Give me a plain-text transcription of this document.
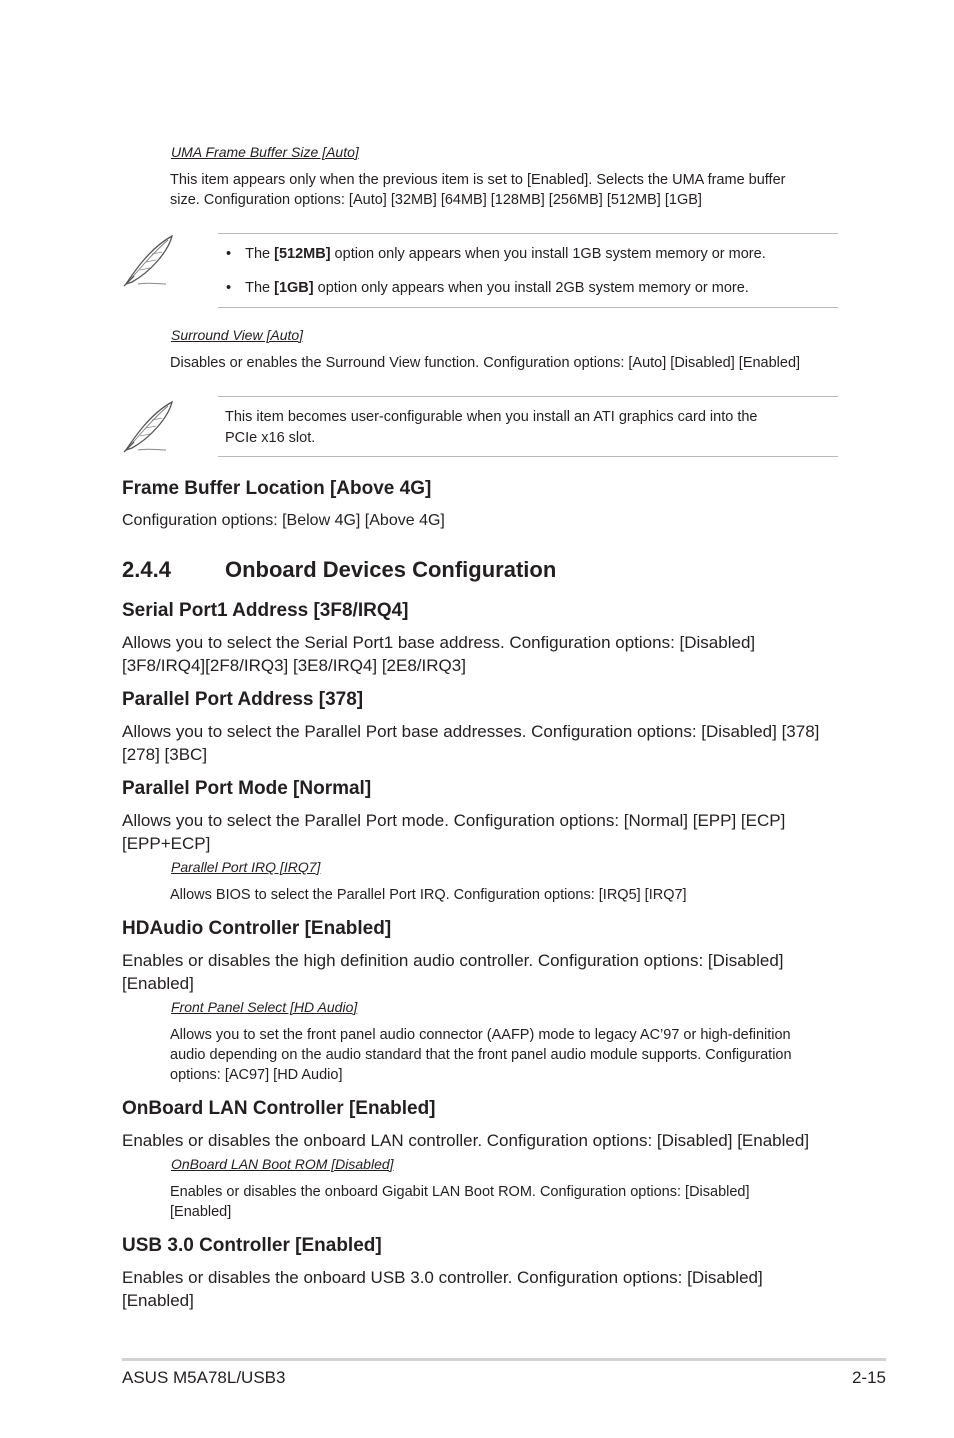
UMA Frame Buffer Size [Auto]
This item appears only when the previous item is set to [Enabled]. Selects the UMA frame buffer
size. Configuration options: [Auto] [32MB] [64MB] [128MB] [256MB] [512MB] [1GB]
• The [512MB] option only appears when you install 1GB system memory or more.
• The [1GB] option only appears when you install 2GB system memory or more.
Surround View [Auto]
Disables or enables the Surround View function. Configuration options: [Auto] [Disabled] [Enabled]
This item becomes user-configurable when you install an ATI graphics card into the
PCIe x16 slot.
Frame Buffer Location [Above 4G]
Configuration options: [Below 4G] [Above 4G]
2.4.4 Onboard Devices Configuration
Serial Port1 Address [3F8/IRQ4]
Allows you to select the Serial Port1 base address. Configuration options: [Disabled]
[3F8/IRQ4][2F8/IRQ3] [3E8/IRQ4] [2E8/IRQ3]
Parallel Port Address [378]
Allows you to select the Parallel Port base addresses. Configuration options: [Disabled] [378]
[278] [3BC]
Parallel Port Mode [Normal]
Allows you to select the Parallel Port mode. Configuration options: [Normal] [EPP] [ECP]
[EPP+ECP]
Parallel Port IRQ [IRQ7]
Allows BIOS to select the Parallel Port IRQ. Configuration options: [IRQ5] [IRQ7]
HDAudio Controller [Enabled]
Enables or disables the high definition audio controller. Configuration options: [Disabled]
[Enabled]
Front Panel Select [HD Audio]
Allows you to set the front panel audio connector (AAFP) mode to legacy AC’97 or high-definition
audio depending on the audio standard that the front panel audio module supports. Configuration
options: [AC97] [HD Audio]
OnBoard LAN Controller [Enabled]
Enables or disables the onboard LAN controller. Configuration options: [Disabled] [Enabled]
OnBoard LAN Boot ROM [Disabled]
Enables or disables the onboard Gigabit LAN Boot ROM. Configuration options: [Disabled]
[Enabled]
USB 3.0 Controller [Enabled]
Enables or disables the onboard USB 3.0 controller. Configuration options: [Disabled]
[Enabled]
ASUS M5A78L/USB3	2-15
